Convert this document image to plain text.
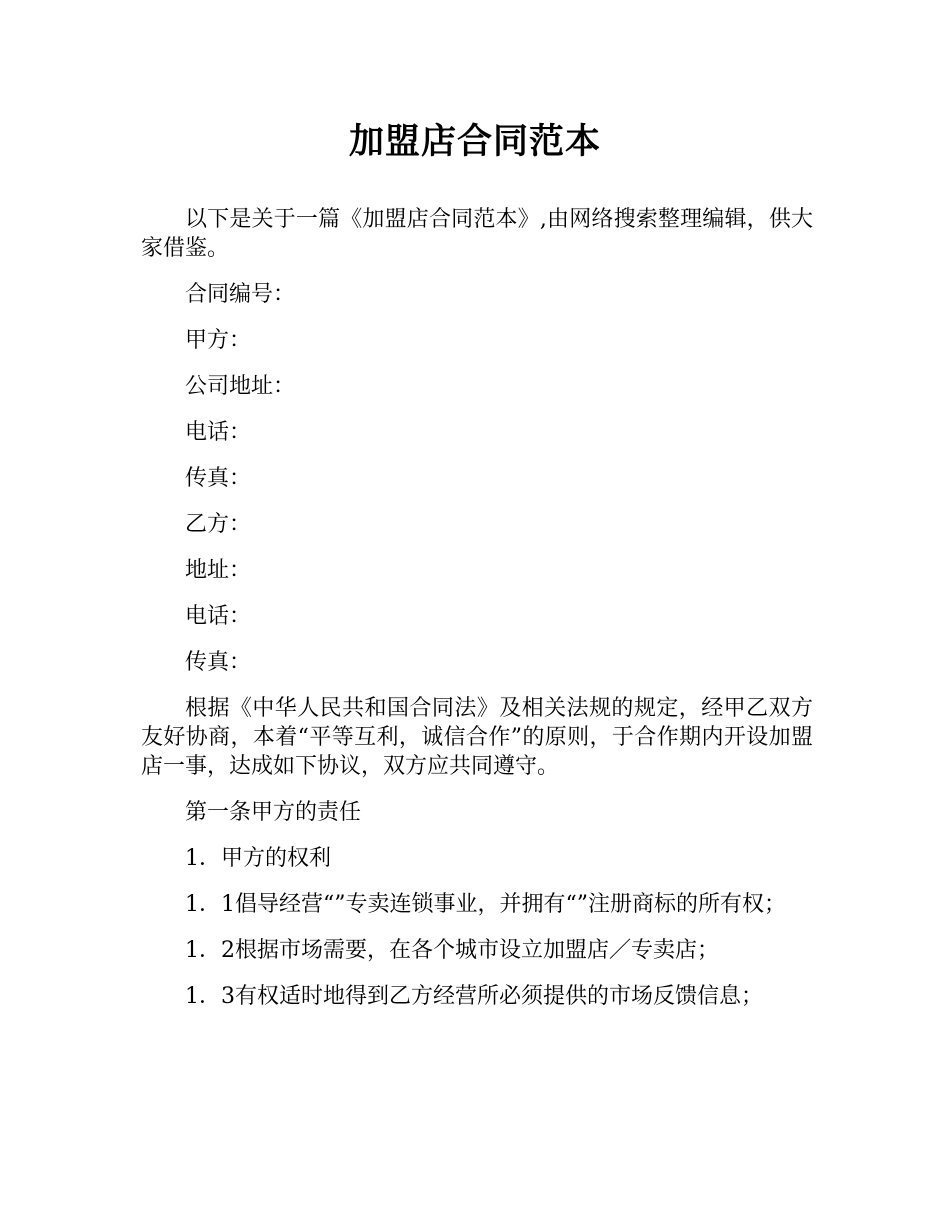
加盟店合同范本

以下是关于一篇《加盟店合同范本》,由网络搜索整理编辑，供大家借鉴。

合同编号：

甲方：

公司地址：

电话：

传真：

乙方：

地址：

电话：

传真：

根据《中华人民共和国合同法》及相关法规的规定，经甲乙双方友好协商，本着“平等互利，诚信合作”的原则，于合作期内开设加盟店一事，达成如下协议，双方应共同遵守。

第一条甲方的责任

1．甲方的权利

1．1倡导经营“”专卖连锁事业，并拥有“”注册商标的所有权；

1．2根据市场需要，在各个城市设立加盟店／专卖店；

1．3有权适时地得到乙方经营所必须提供的市场反馈信息；
